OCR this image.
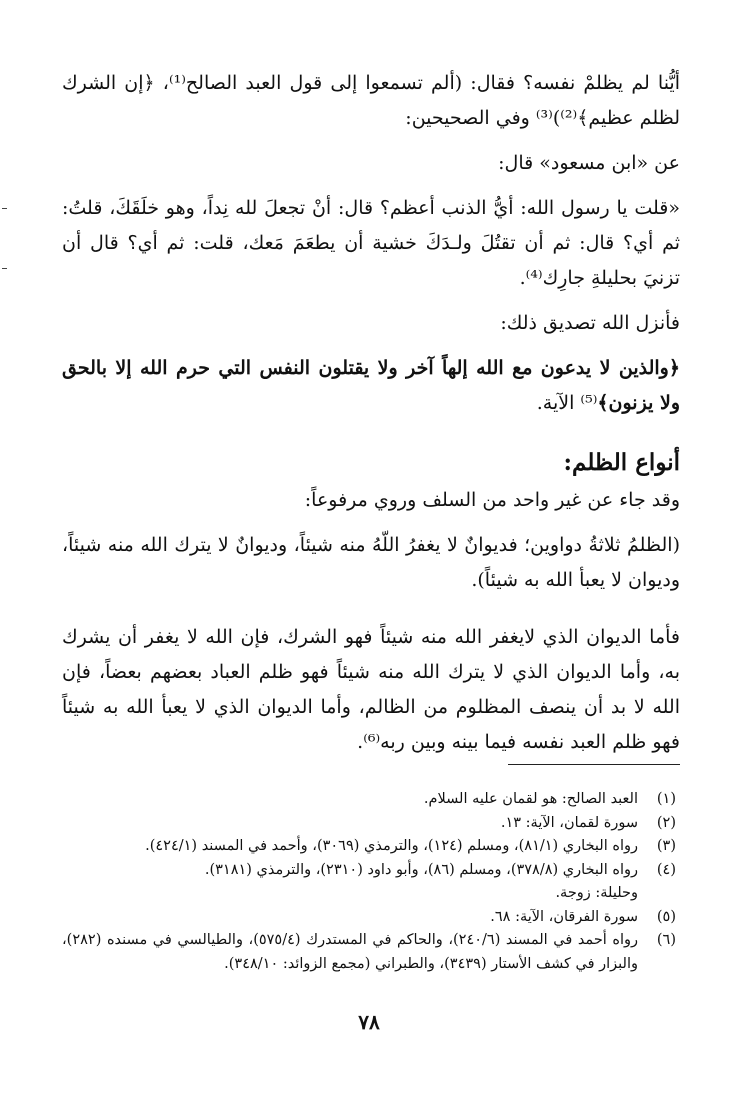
أيُّنا لم يظلمْ نفسه؟ فقال: (ألم تسمعوا إلى قول العبد الصالح⁽¹⁾، ﴿إن الشرك لظلم عظيم﴾⁽²⁾)⁽³⁾ وفي الصحيحين:

عن «ابن مسعود» قال:

«قلت يا رسول الله: أيُّ الذنب أعظم؟ قال: أنْ تجعلَ لله نِداً، وهو خلَقَكَ، قلتُ: ثم أي؟ قال: ثم أن تقتُلَ ولـدَكَ خشية أن يطعَمَ مَعك، قلت: ثم أي؟ قال أن تزنيَ بحليلةِ جارِك⁽⁴⁾.

فأنزل الله تصديق ذلك:

﴿والذين لا يدعون مع الله إلهاً آخر ولا يقتلون النفس التي حرم الله إلا بالحق ولا يزنون﴾⁽⁵⁾ الآية.

أنواع الظلم:

وقد جاء عن غير واحد من السلف وروي مرفوعاً:

(الظلمُ ثلاثةُ دواوين؛ فديوانٌ لا يغفرُ اللّهُ منه شيئاً، وديوانٌ لا يترك الله منه شيئاً، وديوان لا يعبأ الله به شيئاً).

فأما الديوان الذي لايغفر الله منه شيئاً فهو الشرك، فإن الله لا يغفر أن يشرك به، وأما الديوان الذي لا يترك الله منه شيئاً فهو ظلم العباد بعضهم بعضاً، فإن الله لا بد أن ينصف المظلوم من الظالم، وأما الديوان الذي لا يعبأ الله به شيئاً فهو ظلم العبد نفسه فيما بينه وبين ربه⁽⁶⁾.

(١)
العبد الصالح: هو لقمان عليه السلام.
(٢)
سورة لقمان، الآية: ١٣.
(٣)
رواه البخاري (٨١/١)، ومسلم (١٢٤)، والترمذي (٣٠٦٩)، وأحمد في المسند (٤٢٤/١).
(٤)
رواه البخاري (٣٧٨/٨)، ومسلم (٨٦)، وأبو داود (٢٣١٠)، والترمذي (٣١٨١).
وحليلة: زوجة.
(٥)
سورة الفرقان، الآية: ٦٨.
(٦)
رواه أحمد في المسند (٢٤٠/٦)، والحاكم في المستدرك (٥٧٥/٤)، والطيالسي في مسنده (٢٨٢)، والبزار في كشف الأستار (٣٤٣٩)، والطبراني (مجمع الزوائد: ٣٤٨/١٠).
٧٨
